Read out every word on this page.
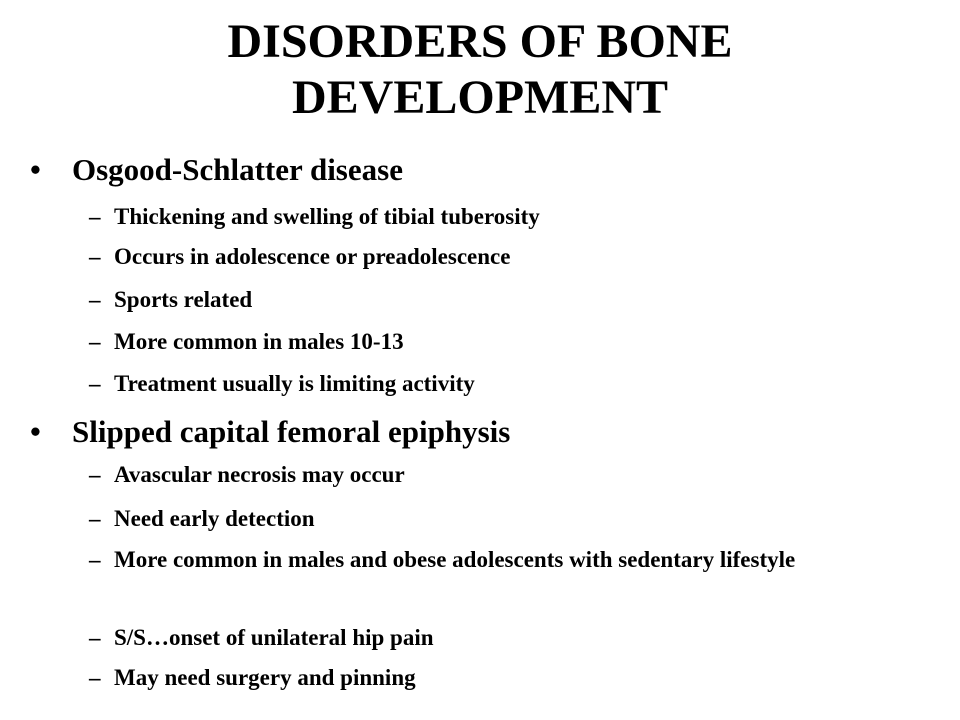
DISORDERS OF BONE
DEVELOPMENT
• Osgood-Schlatter disease
– Thickening and swelling of tibial tuberosity
– Occurs in adolescence or preadolescence
– Sports related
– More common in males 10-13
– Treatment usually is limiting activity
• Slipped capital femoral epiphysis
– Avascular necrosis may occur
– Need early detection
– More common in males and obese adolescents with sedentary lifestyle
– S/S…onset of unilateral hip pain
– May need surgery and pinning
